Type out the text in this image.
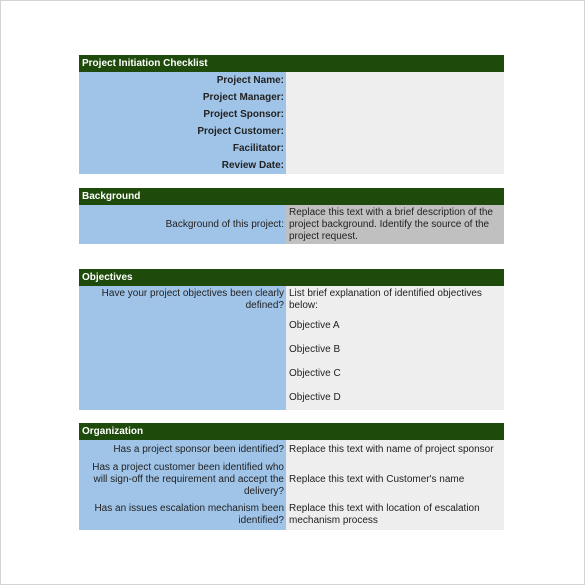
Project Initiation Checklist
Project Name:
Project Manager:
Project Sponsor:
Project Customer:
Facilitator:
Review Date:
Background
Background of this project:
Replace this text with a brief description of the project background. Identify the source of the project request.
Objectives
Have your project objectives been clearly defined?
List brief explanation of identified objectives below:
Objective A
Objective B
Objective C
Objective D
Organization
Has a project sponsor been identified? Replace this text with name of project sponsor
Has a project customer been identified who will sign-off the requirement and accept the delivery?
Replace this text with Customer's name
Has an issues escalation mechanism been identified?
Replace this text with location of escalation mechanism process
